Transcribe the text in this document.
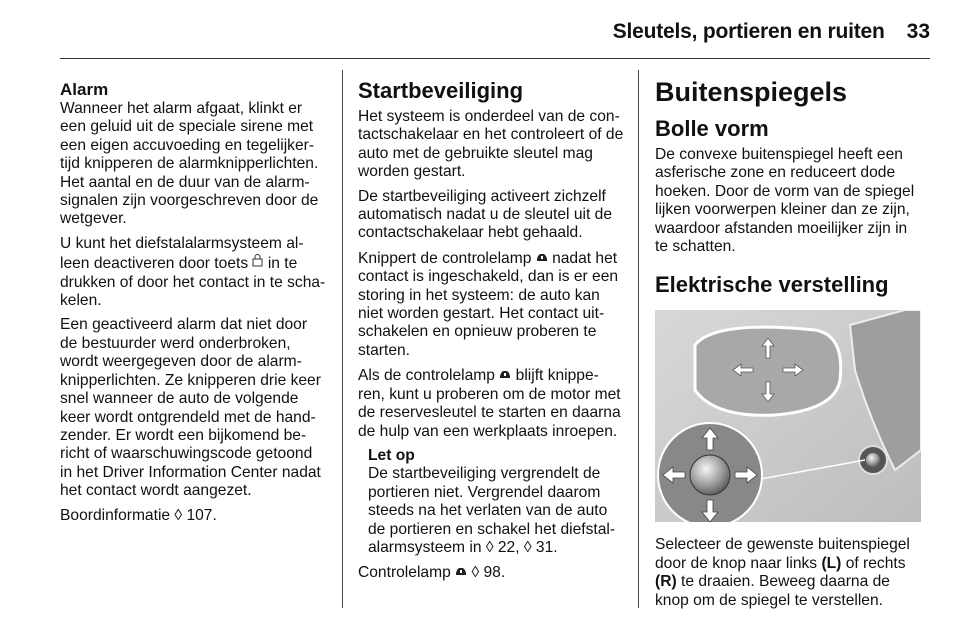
Sleutels, portieren en ruiten 33
Alarm

Wanneer het alarm afgaat, klinkt er een geluid uit de speciale sirene met een eigen accuvoeding en tegelijker-tijd knipperen de alarmknipperlichten. Het aantal en de duur van de alarm-signalen zijn voorgeschreven door de wetgever.

U kunt het diefstalalarmsysteem al-leen deactiveren door toets in te drukken of door het contact in te scha-kelen.

Een geactiveerd alarm dat niet door de bestuurder werd onderbroken, wordt weergegeven door de alarm-knipperlichten. Ze knipperen drie keer snel wanneer de auto de volgende keer wordt ontgrendeld met de hand-zender. Er wordt een bijkomend be-richt of waarschuwingscode getoond in het Driver Information Center nadat het contact wordt aangezet.

Boordinformatie ◊ 107.

Startbeveiliging

Het systeem is onderdeel van de con-tactschakelaar en het controleert of de auto met de gebruikte sleutel mag worden gestart.

De startbeveiliging activeert zichzelf automatisch nadat u de sleutel uit de contactschakelaar hebt gehaald.

Knippert de controlelamp nadat het contact is ingeschakeld, dan is er een storing in het systeem: de auto kan niet worden gestart. Het contact uit-schakelen en opnieuw proberen te starten.

Als de controlelamp blijft knippe-ren, kunt u proberen om de motor met de reservesleutel te starten en daarna de hulp van een werkplaats inroepen.

Let op

De startbeveiliging vergrendelt de portieren niet. Vergrendel daarom steeds na het verlaten van de auto de portieren en schakel het diefstal-alarmsysteem in ◊ 22, ◊ 31.

Controlelamp ◊ 98.

Buitenspiegels
Bolle vorm

De convexe buitenspiegel heeft een asferische zone en reduceert dode hoeken. Door de vorm van de spiegel lijken voorwerpen kleiner dan ze zijn, waardoor afstanden moeilijker zijn in te schatten.

Elektrische verstelling

Selecteer de gewenste buitenspiegel door de knop naar links (L) of rechts (R) te draaien. Beweeg daarna de knop om de spiegel te verstellen.
